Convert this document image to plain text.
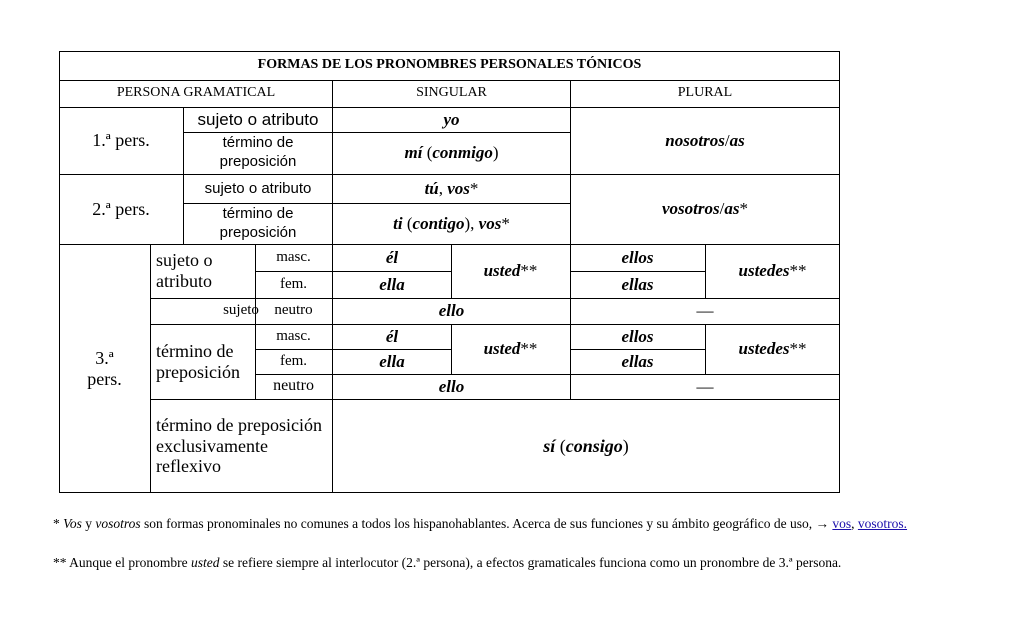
FORMAS DE LOS PRONOMBRES PERSONALES TÓNICOS
PERSONA GRAMATICAL	SINGULAR	PLURAL
1.ª pers.
sujeto o atributo
término de preposición
yo
mí
( conmigo )
nosotros / as
2.ª pers.
sujeto o atributo
término de preposición
tú , vos *
ti ( contigo ), vos *
vosotros / as *
3.ª
pers.
sujeto o atributo
sujeto
término de preposición
término de preposición exclusivamente reflexivo
masc.
fem.
neutro
masc.
fem.
neutro
él
ella
usted **
ello
él
ella
usted **
ello
ellos
ellas
ustedes **
—
ellos
ellas
ustedes **
—
sí ( consigo )
* Vos y vosotros son formas pronominales no comunes a todos los hispanohablantes. Acerca de sus funciones y su ámbito geográfico de uso, → vos, vosotros.
** Aunque el pronombre usted se refiere siempre al interlocutor (2.ª persona), a efectos gramaticales funciona como un pronombre de 3.ª persona.
